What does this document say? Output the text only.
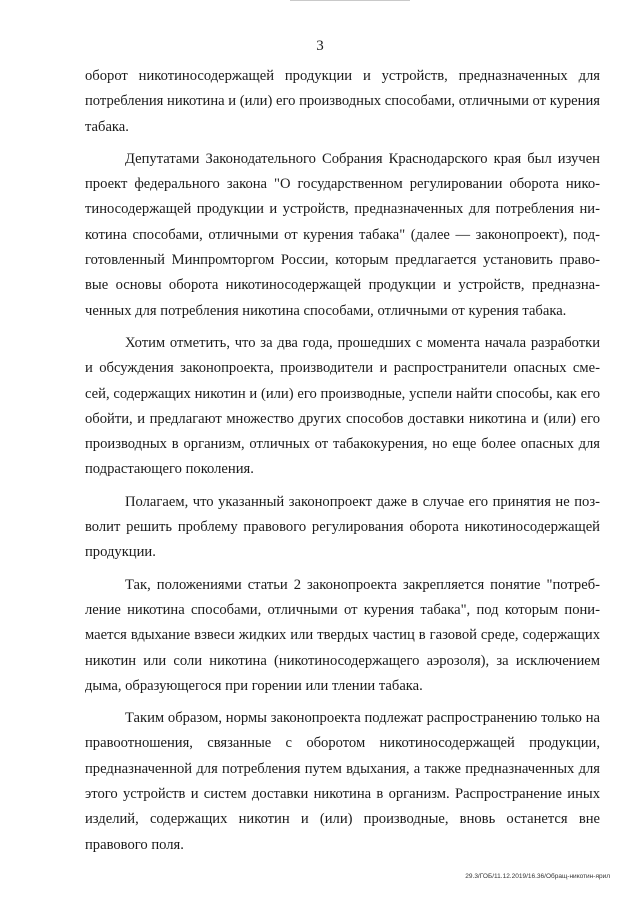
3

оборот никотиносодержащей продукции и устройств, предназначенных для потребления никотина и (или) его производных способами, отличными от курения табака.

Депутатами Законодательного Собрания Краснодарского края был изучен проект федерального закона "О государственном регулировании оборота никотиносодержащей продукции и устройств, предназначенных для потребления никотина способами, отличными от курения табака" (далее — законопроект), подготовленный Минпромторгом России, которым предлагается установить правовые основы оборота никотиносодержащей продукции и устройств, предназначенных для потребления никотина способами, отличными от курения табака.

Хотим отметить, что за два года, прошедших с момента начала разработки и обсуждения законопроекта, производители и распространители опасных смесей, содержащих никотин и (или) его производные, успели найти способы, как его обойти, и предлагают множество других способов доставки никотина и (или) его производных в организм, отличных от табакокурения, но еще более опасных для подрастающего поколения.

Полагаем, что указанный законопроект даже в случае его принятия не позволит решить проблему правового регулирования оборота никотиносодержащей продукции.

Так, положениями статьи 2 законопроекта закрепляется понятие "потребление никотина способами, отличными от курения табака", под которым понимается вдыхание взвеси жидких или твердых частиц в газовой среде, содержащих никотин или соли никотина (никотиносодержащего аэрозоля), за исключением дыма, образующегося при горении или тлении табака.

Таким образом, нормы законопроекта подлежат распространению только на правоотношения, связанные с оборотом никотиносодержащей продукции, предназначенной для потребления путем вдыхания, а также предназначенных для этого устройств и систем доставки никотина в организм. Распространение иных изделий, содержащих никотин и (или) производные, вновь останется вне правового поля.

29.3/ГОБ/11.12.2019/16.36/Обращ-никотин-ярил
